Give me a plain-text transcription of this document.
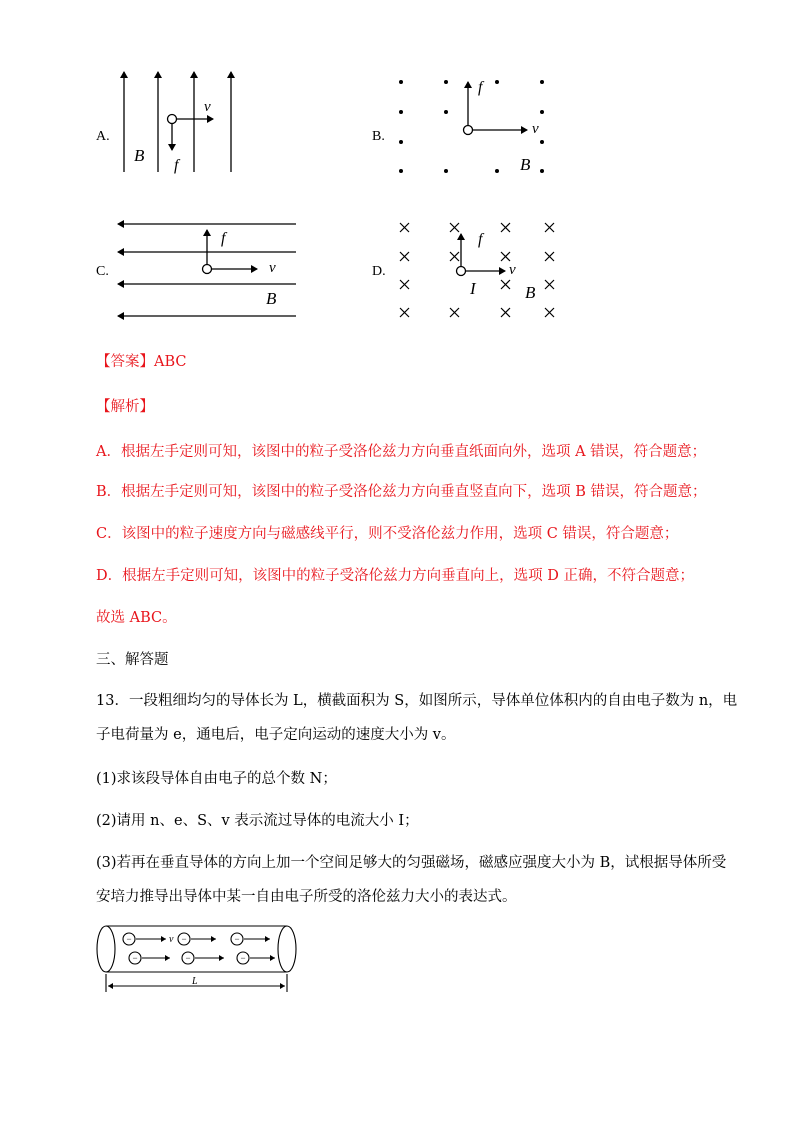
A.
v
B
f
B.
f
v
B
C.
f
v
B
D.
f
v
I	B
【答案】ABC
【解析】
A．根据左手定则可知，该图中的粒子受洛伦兹力方向垂直纸面向外，选项 A 错误，符合题意；
B．根据左手定则可知，该图中的粒子受洛伦兹力方向垂直竖直向下，选项 B 错误，符合题意；
C．该图中的粒子速度方向与磁感线平行，则不受洛伦兹力作用，选项 C 错误，符合题意；
D．根据左手定则可知，该图中的粒子受洛伦兹力方向垂直向上，选项 D 正确，不符合题意；
故选 ABC。
三、解答题
13．一段粗细均匀的导体长为 L，横截面积为 S，如图所示，导体单位体积内的自由电子数为 n，电
子电荷量为 e，通电后，电子定向运动的速度大小为 v。
(1)求该段导体自由电子的总个数 N；
(2)请用 n、e、S、v 表示流过导体的电流大小 I；
(3)若再在垂直导体的方向上加一个空间足够大的匀强磁场，磁感应强度大小为 B，试根据导体所受
安培力推导出导体中某一自由电子所受的洛伦兹力大小的表达式。
−	−	−
−	−	−
v
L
